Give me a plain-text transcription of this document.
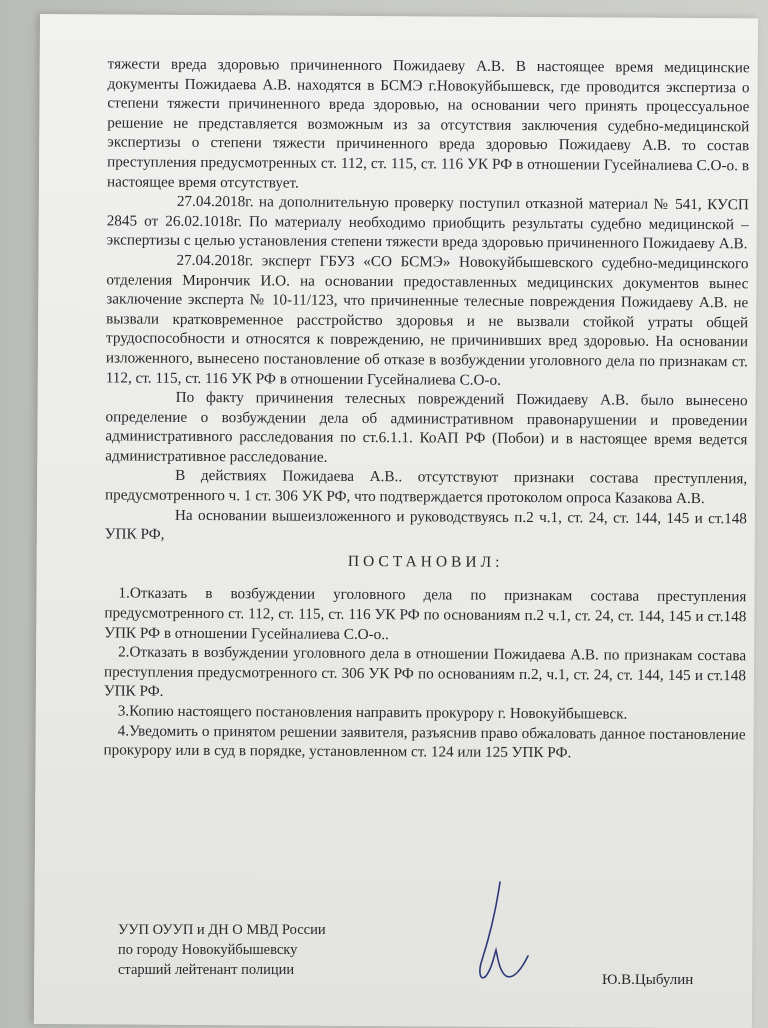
тяжести вреда здоровью причиненного Пожидаеву А.В. В настоящее время медицинские документы Пожидаева А.В. находятся в БСМЭ г.Новокуйбышевск, где проводится экспертиза о степени тяжести причиненного вреда здоровью, на основании чего принять процессуальное решение не представляется возможным из за отсутствия заключения судебно-медицинской экспертизы о степени тяжести причиненного вреда здоровью Пожидаеву А.В. то состав преступления предусмотренных ст. 112, ст. 115, ст. 116 УК РФ в отношении Гусейналиева С.О-о. в настоящее время отсутствует.

27.04.2018г. на дополнительную проверку поступил отказной материал № 541, КУСП 2845 от 26.02.1018г. По материалу необходимо приобщить результаты судебно медицинской – экспертизы с целью установления степени тяжести вреда здоровью причиненного Пожидаеву А.В.

27.04.2018г. эксперт ГБУЗ «СО БСМЭ» Новокуйбышевского судебно-медицинского отделения Мирончик И.О. на основании предоставленных медицинских документов вынес заключение эксперта № 10-11/123, что причиненные телесные повреждения Пожидаеву А.В. не вызвали кратковременное расстройство здоровья и не вызвали стойкой утраты общей трудоспособности и относятся к повреждению, не причинивших вред здоровью. На основании изложенного, вынесено постановление об отказе в возбуждении уголовного дела по признакам ст. 112, ст. 115, ст. 116 УК РФ в отношении Гусейналиева С.О-о.

По факту причинения телесных повреждений Пожидаеву А.В. было вынесено определение о возбуждении дела об административном правонарушении и проведении административного расследования по ст.6.1.1. КоАП РФ (Побои) и в настоящее время ведется административное расследование.

В действиях Пожидаева А.В.. отсутствуют признаки состава преступления, предусмотренного ч. 1 ст. 306 УК РФ, что подтверждается протоколом опроса Казакова А.В.

На основании вышеизложенного и руководствуясь п.2 ч.1, ст. 24, ст. 144, 145 и ст.148 УПК РФ,

ПОСТАНОВИЛ:

1.Отказать в возбуждении уголовного дела по признакам состава преступления предусмотренного ст. 112, ст. 115, ст. 116 УК РФ по основаниям п.2 ч.1, ст. 24, ст. 144, 145 и ст.148 УПК РФ в отношении Гусейналиева С.О-о..

2.Отказать в возбуждении уголовного дела в отношении Пожидаева А.В. по признакам состава преступления предусмотренного ст. 306 УК РФ по основаниям п.2, ч.1, ст. 24, ст. 144, 145 и ст.148 УПК РФ.

3.Копию настоящего постановления направить прокурору г. Новокуйбышевск.

4.Уведомить о принятом решении заявителя, разъяснив право обжаловать данное постановление прокурору или в суд в порядке, установленном ст. 124 или 125 УПК РФ.

УУП ОУУП и ДН О МВД России
по городу Новокуйбышевску
старший лейтенант полиции
Ю.В.Цыбулин
